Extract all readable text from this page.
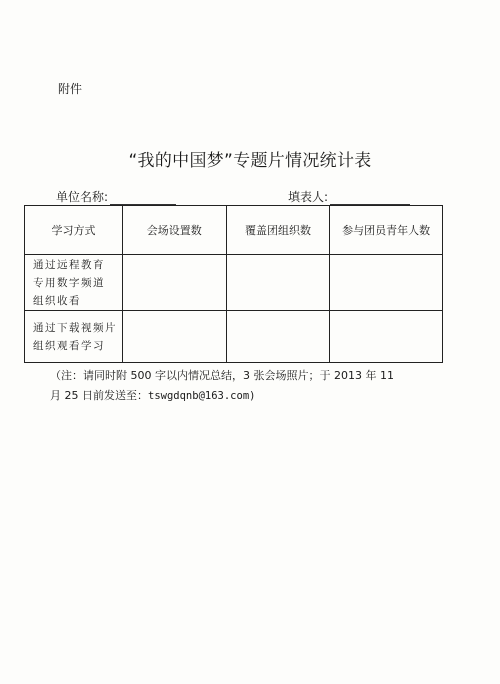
附件
“我的中国梦”专题片情况统计表
单位名称:	填表人:
学习方式	会场设置数	覆盖团组织数	参与团员青年人数

通过远程教育
专用数字频道
组织收看			

通过下载视频片
组织观看学习			

（注：请同时附 500 字以内情况总结，3 张会场照片；于 2013 年 11
月 25 日前发送至：tswgdqnb@163.com)
